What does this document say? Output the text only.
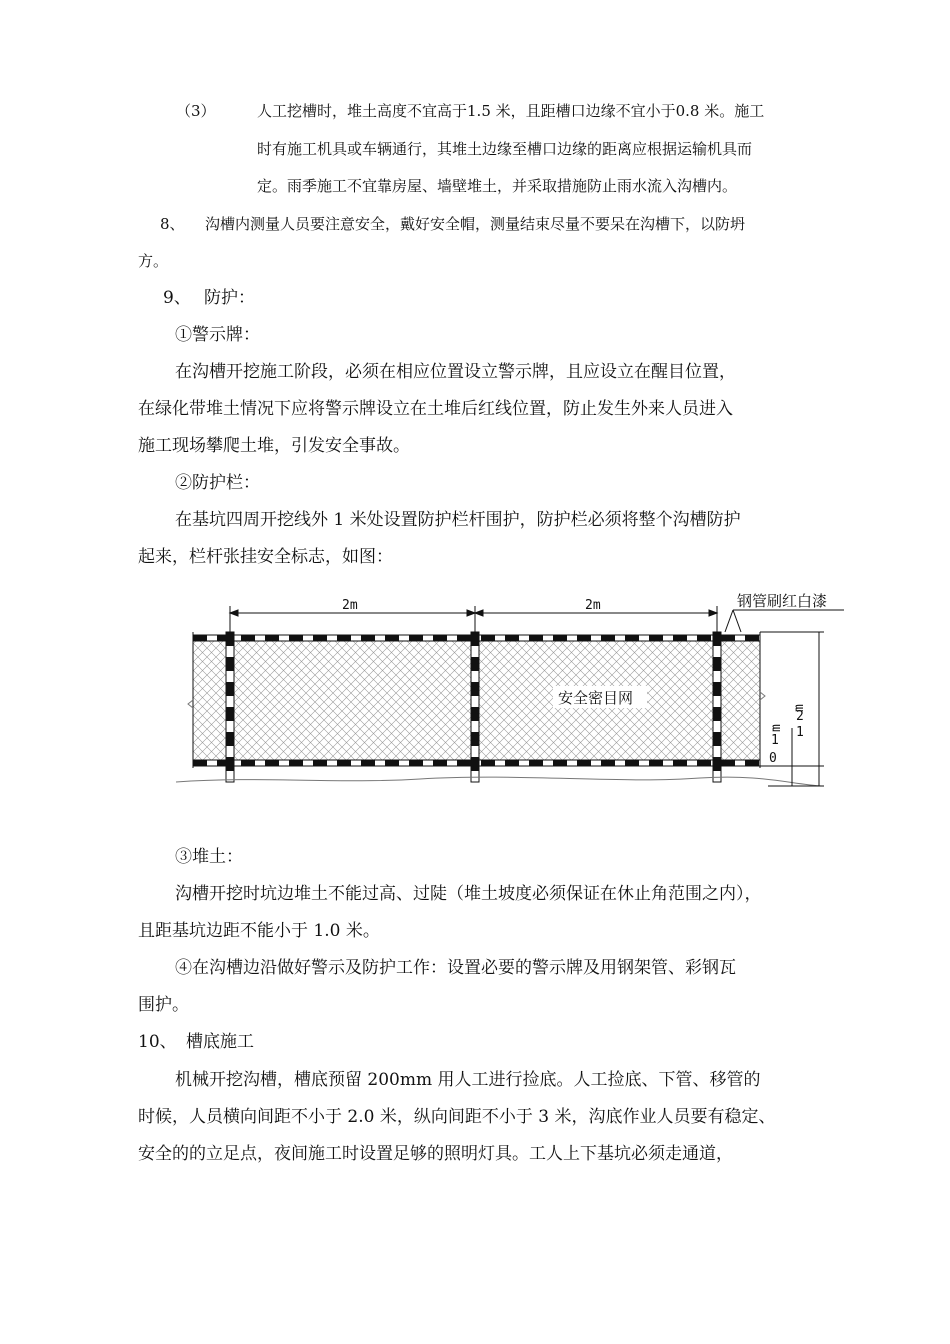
（3）	人工挖槽时，堆土高度不宜高于1.5 米，且距槽口边缘不宜小于0.8 米。施工
时有施工机具或车辆通行，其堆土边缘至槽口边缘的距离应根据运输机具而
定。雨季施工不宜靠房屋、墙壁堆土，并采取措施防止雨水流入沟槽内。
8、 沟槽内测量人员要注意安全，戴好安全帽，测量结束尽量不要呆在沟槽下，以防坍
方。
9、 防护：
①警示牌：
在沟槽开挖施工阶段，必须在相应位置设立警示牌，且应设立在醒目位置，
在绿化带堆土情况下应将警示牌设立在土堆后红线位置，防止发生外来人员进入
施工现场攀爬土堆，引发安全事故。
②防护栏：
在基坑四周开挖线外 1 米处设置防护栏杆围护，防护栏必须将整个沟槽防护
起来，栏杆张挂安全标志，如图：
2m	2m	钢管刷红白漆
安全密目网
m
2
1
m
1
0
③堆土：
沟槽开挖时坑边堆土不能过高、过陡（堆土坡度必须保证在休止角范围之内），
且距基坑边距不能小于 1.0 米。
④在沟槽边沿做好警示及防护工作：设置必要的警示牌及用钢架管、彩钢瓦
围护。
10、 槽底施工
机械开挖沟槽，槽底预留 200mm 用人工进行捡底。人工捡底、下管、移管的
时候，人员横向间距不小于 2.0 米，纵向间距不小于 3 米，沟底作业人员要有稳定、
安全的的立足点，夜间施工时设置足够的照明灯具。工人上下基坑必须走通道，
